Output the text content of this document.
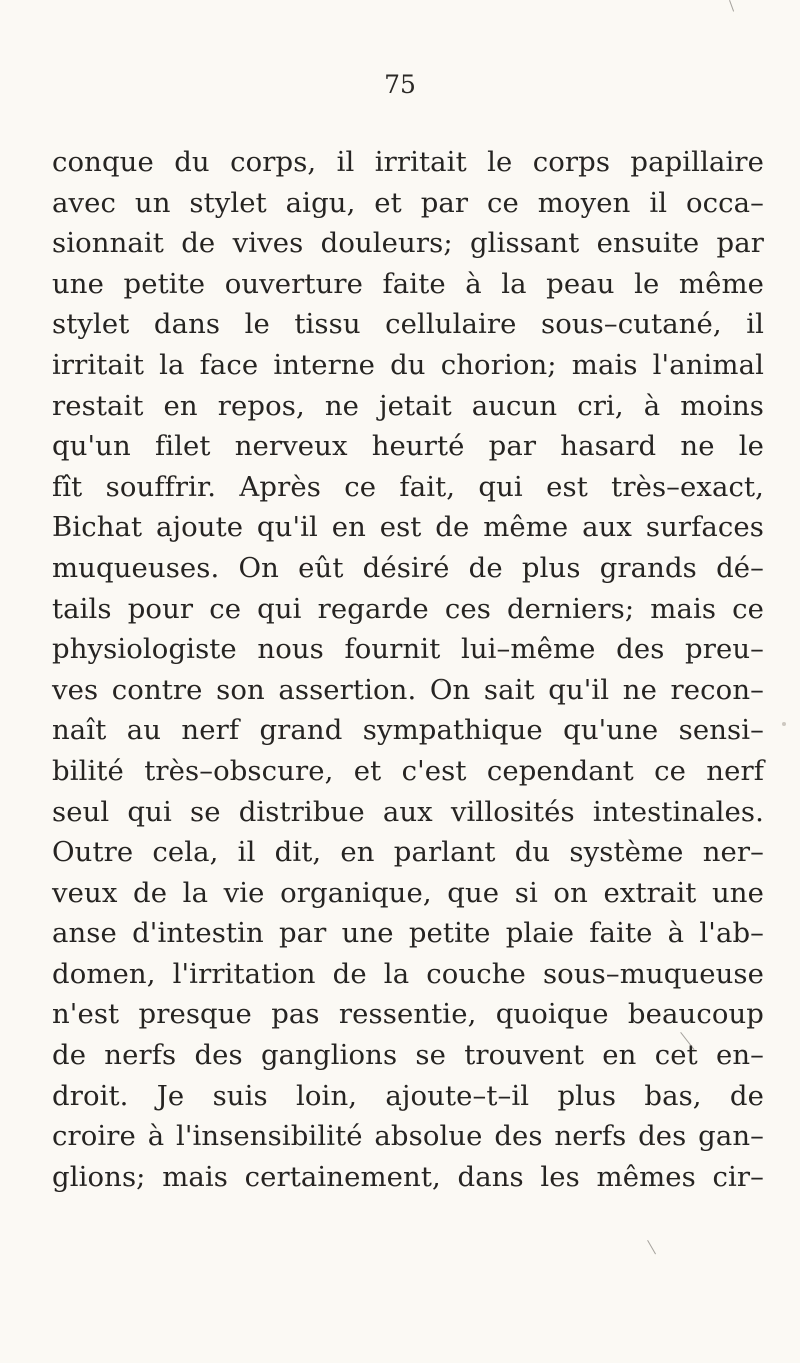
75
conque du corps, il irritait le corps papillaire
avec un stylet aigu, et par ce moyen il occa–
sionnait de vives douleurs; glissant ensuite par
une petite ouverture faite à la peau le même
stylet dans le tissu cellulaire sous–cutané, il
irritait la face interne du chorion; mais l'animal
restait en repos, ne jetait aucun cri, à moins
qu'un filet nerveux heurté par hasard ne le
fît souffrir. Après ce fait, qui est très–exact,
Bichat ajoute qu'il en est de même aux surfaces
muqueuses. On eût désiré de plus grands dé–
tails pour ce qui regarde ces derniers; mais ce
physiologiste nous fournit lui–même des preu–
ves contre son assertion. On sait qu'il ne recon–
naît au nerf grand sympathique qu'une sensi–
bilité très–obscure, et c'est cependant ce nerf
seul qui se distribue aux villosités intestinales.
Outre cela, il dit, en parlant du système ner–
veux de la vie organique, que si on extrait une
anse d'intestin par une petite plaie faite à l'ab–
domen, l'irritation de la couche sous–muqueuse
n'est presque pas ressentie, quoique beaucoup
de nerfs des ganglions se trouvent en cet en–
droit. Je suis loin, ajoute–t–il plus bas, de
croire à l'insensibilité absolue des nerfs des gan–
glions; mais certainement, dans les mêmes cir–
